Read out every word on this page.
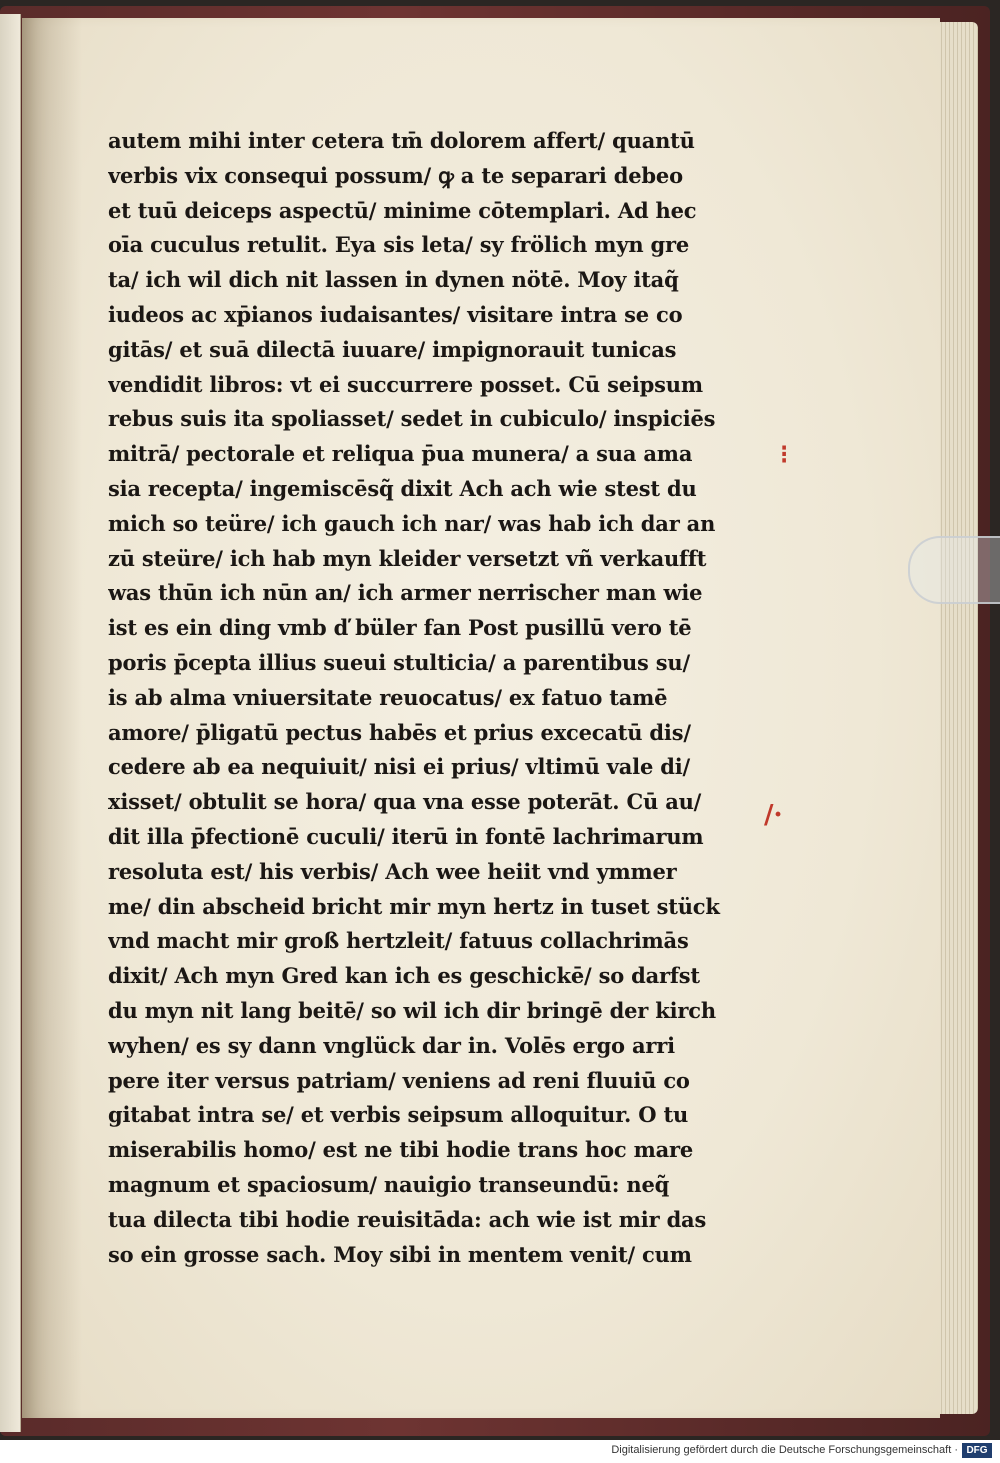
autem mihi inter cetera tm̄ dolorem affert/ quantū
verbis vix consequi possum/ ꝙ a te separari debeo
et tuū deiceps aspectū/ minime cōtemplari. Ad hec
oīa cuculus retulit. Eya sis leta/ sy frölich myn gre
ta/ ich wil dich nit lassen in dynen nötē. Moy itaq̃
iudeos ac xp̄ianos iudaisantes/ visitare intra se co
gitās/ et suā dilectā iuuare/ impignorauit tunicas
vendidit libros: vt ei succurrere posset. Cū seipsum
rebus suis ita spoliasset/ sedet in cubiculo/ inspiciēs
mitrā/ pectorale et reliqua p̄ua munera/ a sua ama
sia recepta/ ingemiscēsq̃ dixit Ach ach wie stest du
mich so teüre/ ich gauch ich nar/ was hab ich dar an
zū steüre/ ich hab myn kleider versetzt vñ verkaufft
was thūn ich nūn an/ ich armer nerrischer man wie
ist es ein ding vmb ď büler fan Post pusillū vero tē
poris p̄cepta illius sueui stulticia/ a parentibus su/
is ab alma vniuersitate reuocatus/ ex fatuo tamē
amore/ p̄ligatū pectus habēs et prius excecatū dis/
cedere ab ea nequiuit/ nisi ei prius/ vltimū vale di/
xisset/ obtulit se hora/ qua vna esse poterāt. Cū au/
dit illa p̄fectionē cuculi/ iterū in fontē lachrimarum
resoluta est/ his verbis/ Ach wee heiit vnd ymmer
me/ din abscheid bricht mir myn hertz in tuset stück
vnd macht mir groß hertzleit/ fatuus collachrimās
dixit/ Ach myn Gred kan ich es geschickē/ so darfst
du myn nit lang beitē/ so wil ich dir bringē der kirch
wyhen/ es sy dann vnglück dar in. Volēs ergo arri
pere iter versus patriam/ veniens ad reni fluuiū co
gitabat intra se/ et verbis seipsum alloquitur. O tu
miserabilis homo/ est ne tibi hodie trans hoc mare
magnum et spaciosum/ nauigio transeundū: neq̃
tua dilecta tibi hodie reuisitāda: ach wie ist mir das
so ein grosse sach. Moy sibi in mentem venit/ cum
⁝
/·
Digitalisierung gefördert durch die Deutsche Forschungsgemeinschaft · DFG
